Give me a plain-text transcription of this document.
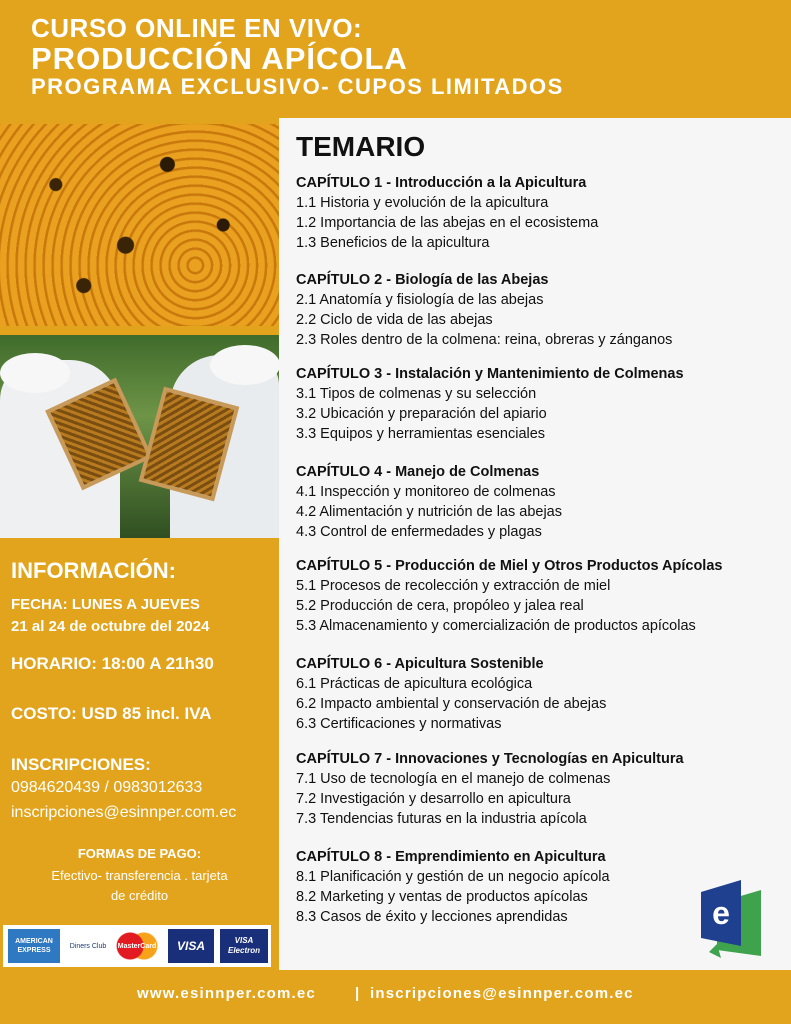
CURSO ONLINE EN VIVO:
PRODUCCIÓN APÍCOLA
PROGRAMA EXCLUSIVO- CUPOS LIMITADOS
INFORMACIÓN:
FECHA: LUNES A JUEVES
21 al 24 de octubre del 2024
HORARIO: 18:00 A 21h30
COSTO: USD 85 incl. IVA
INSCRIPCIONES:
0984620439 / 0983012633
inscripciones@esinnper.com.ec
FORMAS DE PAGO:
Efectivo- transferencia . tarjeta
de crédito
AMERICAN EXPRESS
Diners Club	MasterCard	VISA	VISA Electron
TEMARIO
CAPÍTULO 1 - Introducción a la Apicultura
1.1 Historia y evolución de la apicultura
1.2 Importancia de las abejas en el ecosistema
1.3 Beneficios de la apicultura
CAPÍTULO 2 - Biología de las Abejas
2.1 Anatomía y fisiología de las abejas
2.2 Ciclo de vida de las abejas
2.3 Roles dentro de la colmena: reina, obreras y zánganos
CAPÍTULO 3 - Instalación y Mantenimiento de Colmenas
3.1 Tipos de colmenas y su selección
3.2 Ubicación y preparación del apiario
3.3 Equipos y herramientas esenciales
CAPÍTULO 4 - Manejo de Colmenas
4.1 Inspección y monitoreo de colmenas
4.2 Alimentación y nutrición de las abejas
4.3 Control de enfermedades y plagas
CAPÍTULO 5 - Producción de Miel y Otros Productos Apícolas
5.1 Procesos de recolección y extracción de miel
5.2 Producción de cera, propóleo y jalea real
5.3 Almacenamiento y comercialización de productos apícolas
CAPÍTULO 6 - Apicultura Sostenible
6.1 Prácticas de apicultura ecológica
6.2 Impacto ambiental y conservación de abejas
6.3 Certificaciones y normativas
CAPÍTULO 7 - Innovaciones y Tecnologías en Apicultura
7.1 Uso de tecnología en el manejo de colmenas
7.2 Investigación y desarrollo en apicultura
7.3 Tendencias futuras en la industria apícola
CAPÍTULO 8 - Emprendimiento en Apicultura
8.1 Planificación y gestión de un negocio apícola
8.2 Marketing y ventas de productos apícolas
8.3 Casos de éxito y lecciones aprendidas	e
www.esinnper.com.ec	| inscripciones@esinnper.com.ec
